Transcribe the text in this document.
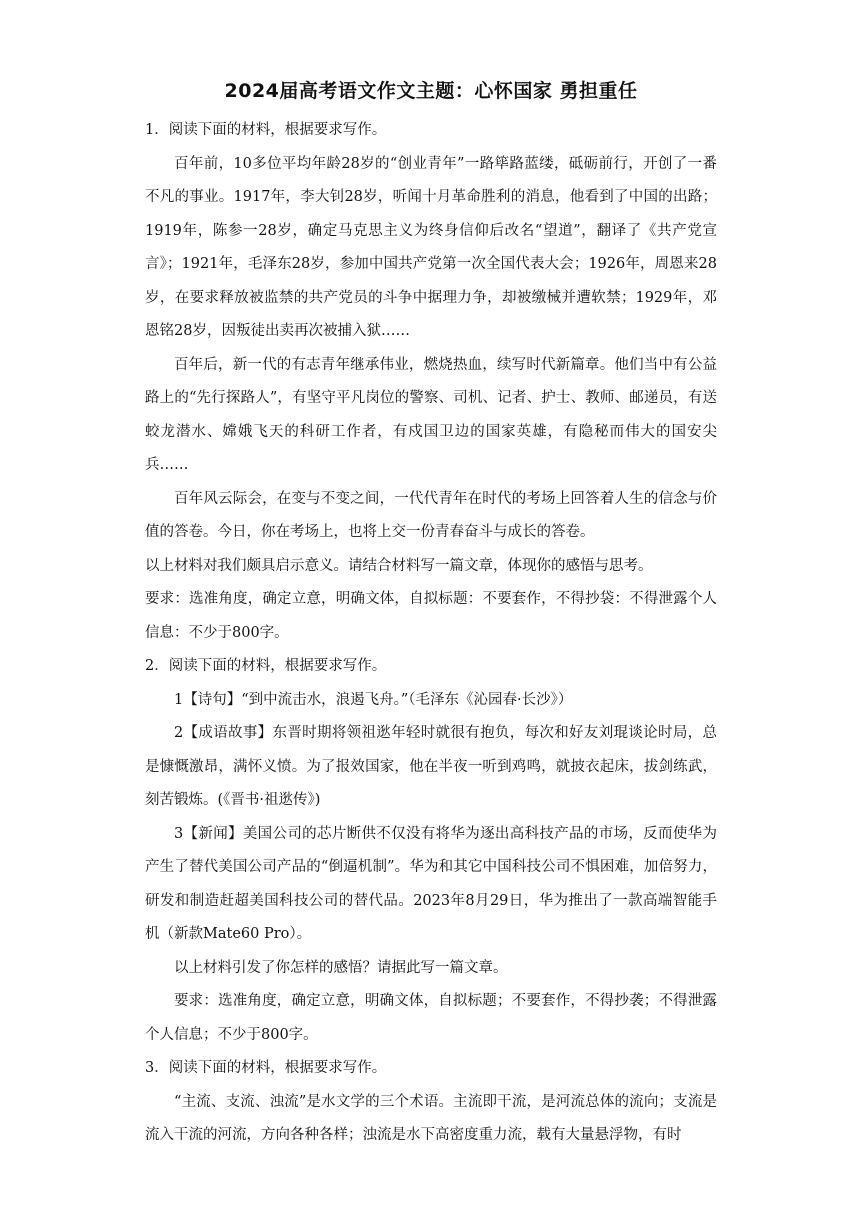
2024届高考语文作文主题：心怀国家 勇担重任

1．阅读下面的材料，根据要求写作。

百年前，10多位平均年龄28岁的“创业青年”一路筚路蓝缕，砥砺前行，开创了一番不凡的事业。1917年，李大钊28岁，听闻十月革命胜利的消息，他看到了中国的出路；1919年，陈参一28岁，确定马克思主义为终身信仰后改名“望道”，翻译了《共产党宣言》；1921年，毛泽东28岁，参加中国共产党第一次全国代表大会；1926年，周恩来28岁，在要求释放被监禁的共产党员的斗争中据理力争，却被缴械并遭软禁；1929年，邓恩铭28岁，因叛徒出卖再次被捕入狱……

百年后，新一代的有志青年继承伟业，燃烧热血，续写时代新篇章。他们当中有公益路上的“先行探路人”，有坚守平凡岗位的警察、司机、记者、护士、教师、邮递员，有送蛟龙潜水、嫦娥飞天的科研工作者，有戍国卫边的国家英雄，有隐秘而伟大的国安尖兵……

百年风云际会，在变与不变之间，一代代青年在时代的考场上回答着人生的信念与价值的答卷。今日，你在考场上，也将上交一份青春奋斗与成长的答卷。

以上材料对我们颇具启示意义。请结合材料写一篇文章，体现你的感悟与思考。

要求：选准角度，确定立意，明确文体，自拟标题：不要套作，不得抄袋：不得泄露个人信息：不少于800字。

2．阅读下面的材料，根据要求写作。

1【诗句】“到中流击水，浪遏飞舟。”（毛泽东《沁园春·长沙》）

2【成语故事】东晋时期将领祖逖年轻时就很有抱负，每次和好友刘琨谈论时局，总是慷慨激昂，满怀义愤。为了报效国家，他在半夜一听到鸡鸣，就披衣起床，拔剑练武，刻苦锻炼。(《晋书·祖逖传》)

3【新闻】美国公司的芯片断供不仅没有将华为逐出高科技产品的市场，反而使华为产生了替代美国公司产品的“倒逼机制”。华为和其它中国科技公司不惧困难，加倍努力，研发和制造赶超美国科技公司的替代品。2023年8月29日，华为推出了一款高端智能手机（新款Mate60 Pro）。

以上材料引发了你怎样的感悟？请据此写一篇文章。

要求：选准角度，确定立意，明确文体，自拟标题；不要套作，不得抄袭；不得泄露个人信息；不少于800字。

3．阅读下面的材料，根据要求写作。

“主流、支流、浊流”是水文学的三个术语。主流即干流，是河流总体的流向；支流是流入干流的河流，方向各种各样；浊流是水下高密度重力流，载有大量悬浮物，有时
